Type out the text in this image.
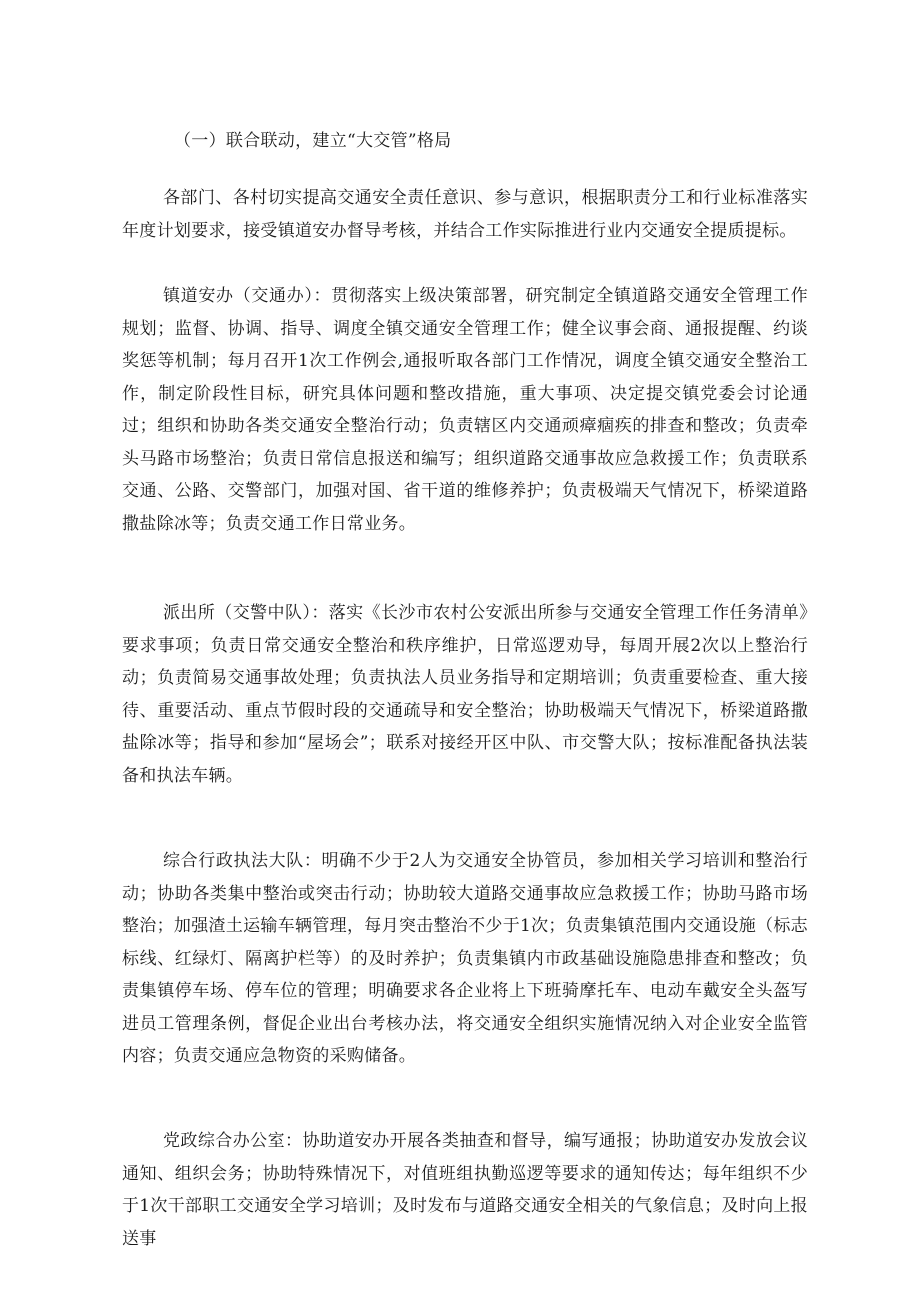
（一）联合联动，建立“大交管”格局
各部门、各村切实提高交通安全责任意识、参与意识，根据职责分工和行业标准落实年度计划要求，接受镇道安办督导考核，并结合工作实际推进行业内交通安全提质提标。
镇道安办（交通办）：贯彻落实上级决策部署，研究制定全镇道路交通安全管理工作规划；监督、协调、指导、调度全镇交通安全管理工作；健全议事会商、通报提醒、约谈奖惩等机制；每月召开1次工作例会,通报听取各部门工作情况，调度全镇交通安全整治工作，制定阶段性目标，研究具体问题和整改措施，重大事项、决定提交镇党委会讨论通过；组织和协助各类交通安全整治行动；负责辖区内交通顽瘴痼疾的排查和整改；负责牵头马路市场整治；负责日常信息报送和编写；组织道路交通事故应急救援工作；负责联系交通、公路、交警部门，加强对国、省干道的维修养护；负责极端天气情况下，桥梁道路撒盐除冰等；负责交通工作日常业务。
派出所（交警中队）：落实《长沙市农村公安派出所参与交通安全管理工作任务清单》要求事项；负责日常交通安全整治和秩序维护，日常巡逻劝导，每周开展2次以上整治行动；负责简易交通事故处理；负责执法人员业务指导和定期培训；负责重要检查、重大接待、重要活动、重点节假时段的交通疏导和安全整治；协助极端天气情况下，桥梁道路撒盐除冰等；指导和参加“屋场会”；联系对接经开区中队、市交警大队；按标准配备执法装备和执法车辆。
综合行政执法大队：明确不少于2人为交通安全协管员，参加相关学习培训和整治行动；协助各类集中整治或突击行动；协助较大道路交通事故应急救援工作；协助马路市场整治；加强渣土运输车辆管理，每月突击整治不少于1次；负责集镇范围内交通设施（标志标线、红绿灯、隔离护栏等）的及时养护；负责集镇内市政基础设施隐患排查和整改；负责集镇停车场、停车位的管理；明确要求各企业将上下班骑摩托车、电动车戴安全头盔写进员工管理条例，督促企业出台考核办法，将交通安全组织实施情况纳入对企业安全监管内容；负责交通应急物资的采购储备。
党政综合办公室：协助道安办开展各类抽查和督导，编写通报；协助道安办发放会议通知、组织会务；协助特殊情况下，对值班组执勤巡逻等要求的通知传达；每年组织不少于1次干部职工交通安全学习培训；及时发布与道路交通安全相关的气象信息；及时向上报送事
